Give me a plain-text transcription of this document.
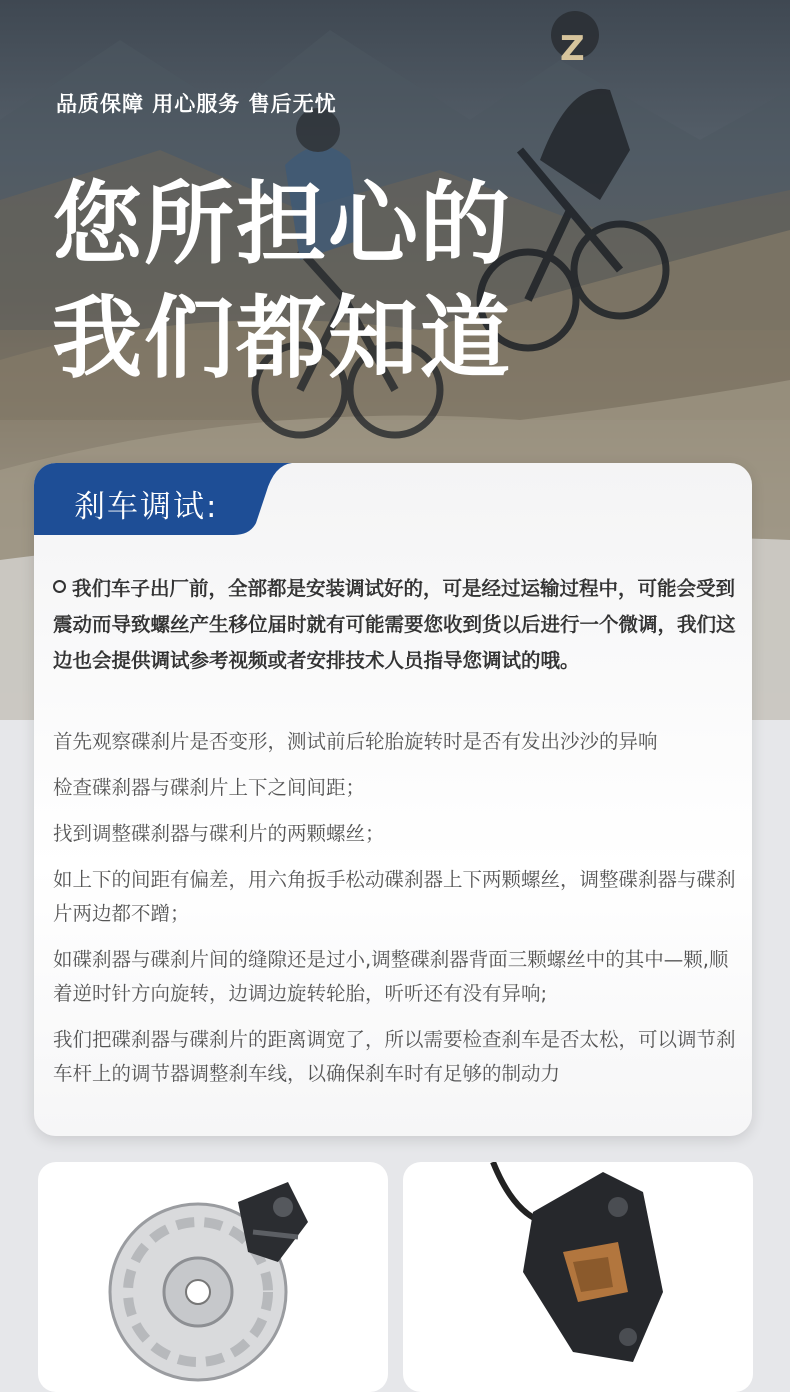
Z
品质保障 用心服务 售后无忧
您所担心的
我们都知道
刹车调试:
我们车子出厂前，全部都是安装调试好的，可是经过运输过程中，可能会受到震动而导致螺丝产生移位届时就有可能需要您收到货以后进行一个微调，我们这边也会提供调试参考视频或者安排技术人员指导您调试的哦。

首先观察碟刹片是否变形，测试前后轮胎旋转时是否有发出沙沙的异响

检查碟刹器与碟刹片上下之间间距；

找到调整碟刹器与碟利片的两颗螺丝；

如上下的间距有偏差，用六角扳手松动碟刹器上下两颗螺丝，调整碟刹器与碟刹片两边都不蹭；

如碟刹器与碟刹片间的缝隙还是过小,调整碟刹器背面三颗螺丝中的其中—颗,顺着逆时针方向旋转，边调边旋转轮胎，听听还有没有异响;

我们把碟刹器与碟刹片的距离调宽了，所以需要检查刹车是否太松，可以调节刹车杆上的调节器调整刹车线，以确保刹车时有足够的制动力
